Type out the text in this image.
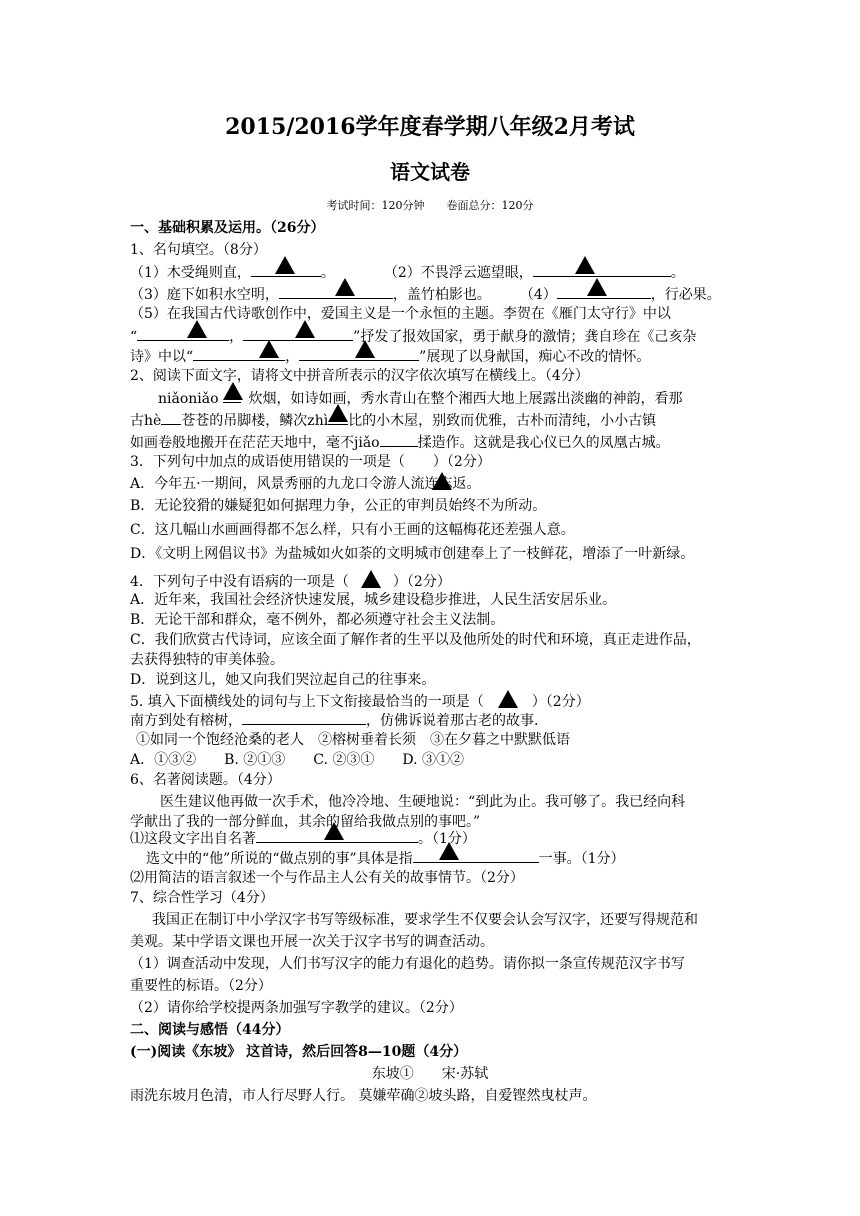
2015/2016学年度春学期八年级2月考试
语文试卷
考试时间：120分钟　　卷面总分：120分
一、基础积累及运用。（26分）
1、名句填空。（8分）
（1）木受绳则直，	。	（2）不畏浮云遮望眼，	。
（3）庭下如积水空明，	，盖竹柏影也。 （4）	，行必果。
（5）在我国古代诗歌创作中，爱国主义是一个永恒的主题。李贺在《雁门太守行》中以
“	，	”抒发了报效国家，勇于献身的激情；龚自珍在《己亥杂
诗》中以“	，	”展现了以身献国，痴心不改的情怀。
2、阅读下面文字，请将文中拼音所表示的汉字依次填写在横线上。（4分）
niǎoniǎo 炊烟，如诗如画，秀水青山在整个湘西大地上展露出淡幽的神韵，看那
古hè 苍苍的吊脚楼，鳞次zhì 比的小木屋，别致而优雅，古朴而清纯，小小古镇
如画卷般地搬开在茫茫天地中，毫不jiǎo	揉造作。这就是我心仪已久的凤凰古城。
3．下列句中加点的成语使用错误的一项是（　　）（2分）
A．今年五·一期间，风景秀丽的九龙口令游人流连忘返。
B．无论狡猾的嫌疑犯如何据理力争，公正的审判员始终不为所动。
C．这几幅山水画画得都不怎么样，只有小王画的这幅梅花还差强人意。
D．《文明上网倡议书》为盐城如火如荼的文明城市创建奉上了一枝鲜花，增添了一叶新绿。
4．下列句子中没有语病的一项是（	）（2分）
A．近年来，我国社会经济快速发展，城乡建设稳步推进，人民生活安居乐业。
B．无论干部和群众，毫不例外，都必须遵守社会主义法制。
C．我们欣赏古代诗词，应该全面了解作者的生平以及他所处的时代和环境，真正走进作品，
去获得独特的审美体验。
D．说到这儿，她又向我们哭泣起自己的往事来。
5. 填入下面横线处的词句与上下文衔接最恰当的一项是（	）（2分）
南方到处有榕树，	，仿佛诉说着那古老的故事.
①如同一个饱经沧桑的老人　②榕树垂着长须　③在夕暮之中默默低语
A．①③②　　B. ②①③　　C. ②③①　　D. ③①②
6、名著阅读题。（4分）
医生建议他再做一次手术，他冷冷地、生硬地说：“到此为止。我可够了。我已经向科
学献出了我的一部分鲜血，其余的留给我做点别的事吧。”
⑴这段文字出自名著	。（1分）
选文中的“他”所说的“做点别的事”具体是指	一事。（1分）
⑵用简洁的语言叙述一个与作品主人公有关的故事情节。（2分）
7、综合性学习（4分）
我国正在制订中小学汉字书写等级标准，要求学生不仅要会认会写汉字，还要写得规范和
美观。某中学语文课也开展一次关于汉字书写的调查活动。
（1）调查活动中发现，人们书写汉字的能力有退化的趋势。请你拟一条宣传规范汉字书写
重要性的标语。（2分）
（2）请你给学校提两条加强写字教学的建议。（2分）
二、阅读与感悟（44分）
(一)阅读《东坡》 这首诗，然后回答8—10题（4分）
东坡①　　宋·苏轼
雨洗东坡月色清，市人行尽野人行。 莫嫌荦确②坡头路，自爱铿然曳杖声。
